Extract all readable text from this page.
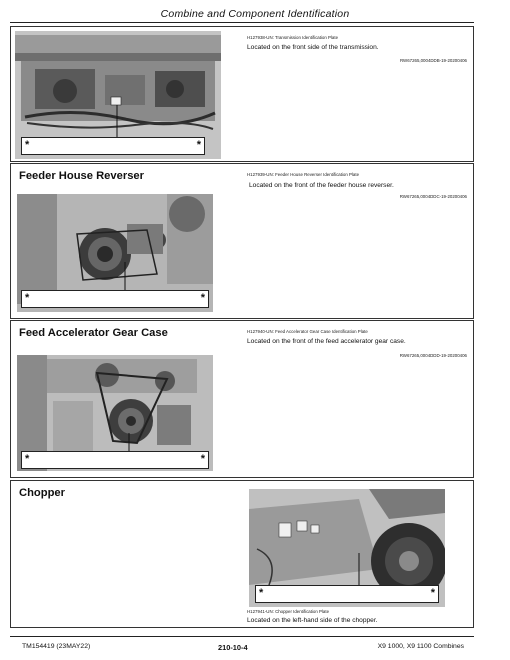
Combine and Component Identification
*	*
H127938-UN: Transmission Identification Plate
Located on the front side of the transmission.
RW67265,0004DDB-19-20200406
Feeder House Reverser
*	*
H127939-UN: Feeder House Reverser Identification Plate
Located on the front of the feeder house reverser.
RW67265,0004DDC-19-20200406
Feed Accelerator Gear Case
*	*
H127940-UN: Feed Accelerator Gear Case Identification Plate
Located on the front of the feed accelerator gear case.
RW67265,0004DDD-19-20200406
Chopper
*	*
H127941-UN: Chopper Identification Plate
Located on the left-hand side of the chopper.
TM154419 (23MAY22)	210-10-4	X9 1000, X9 1100 Combines
